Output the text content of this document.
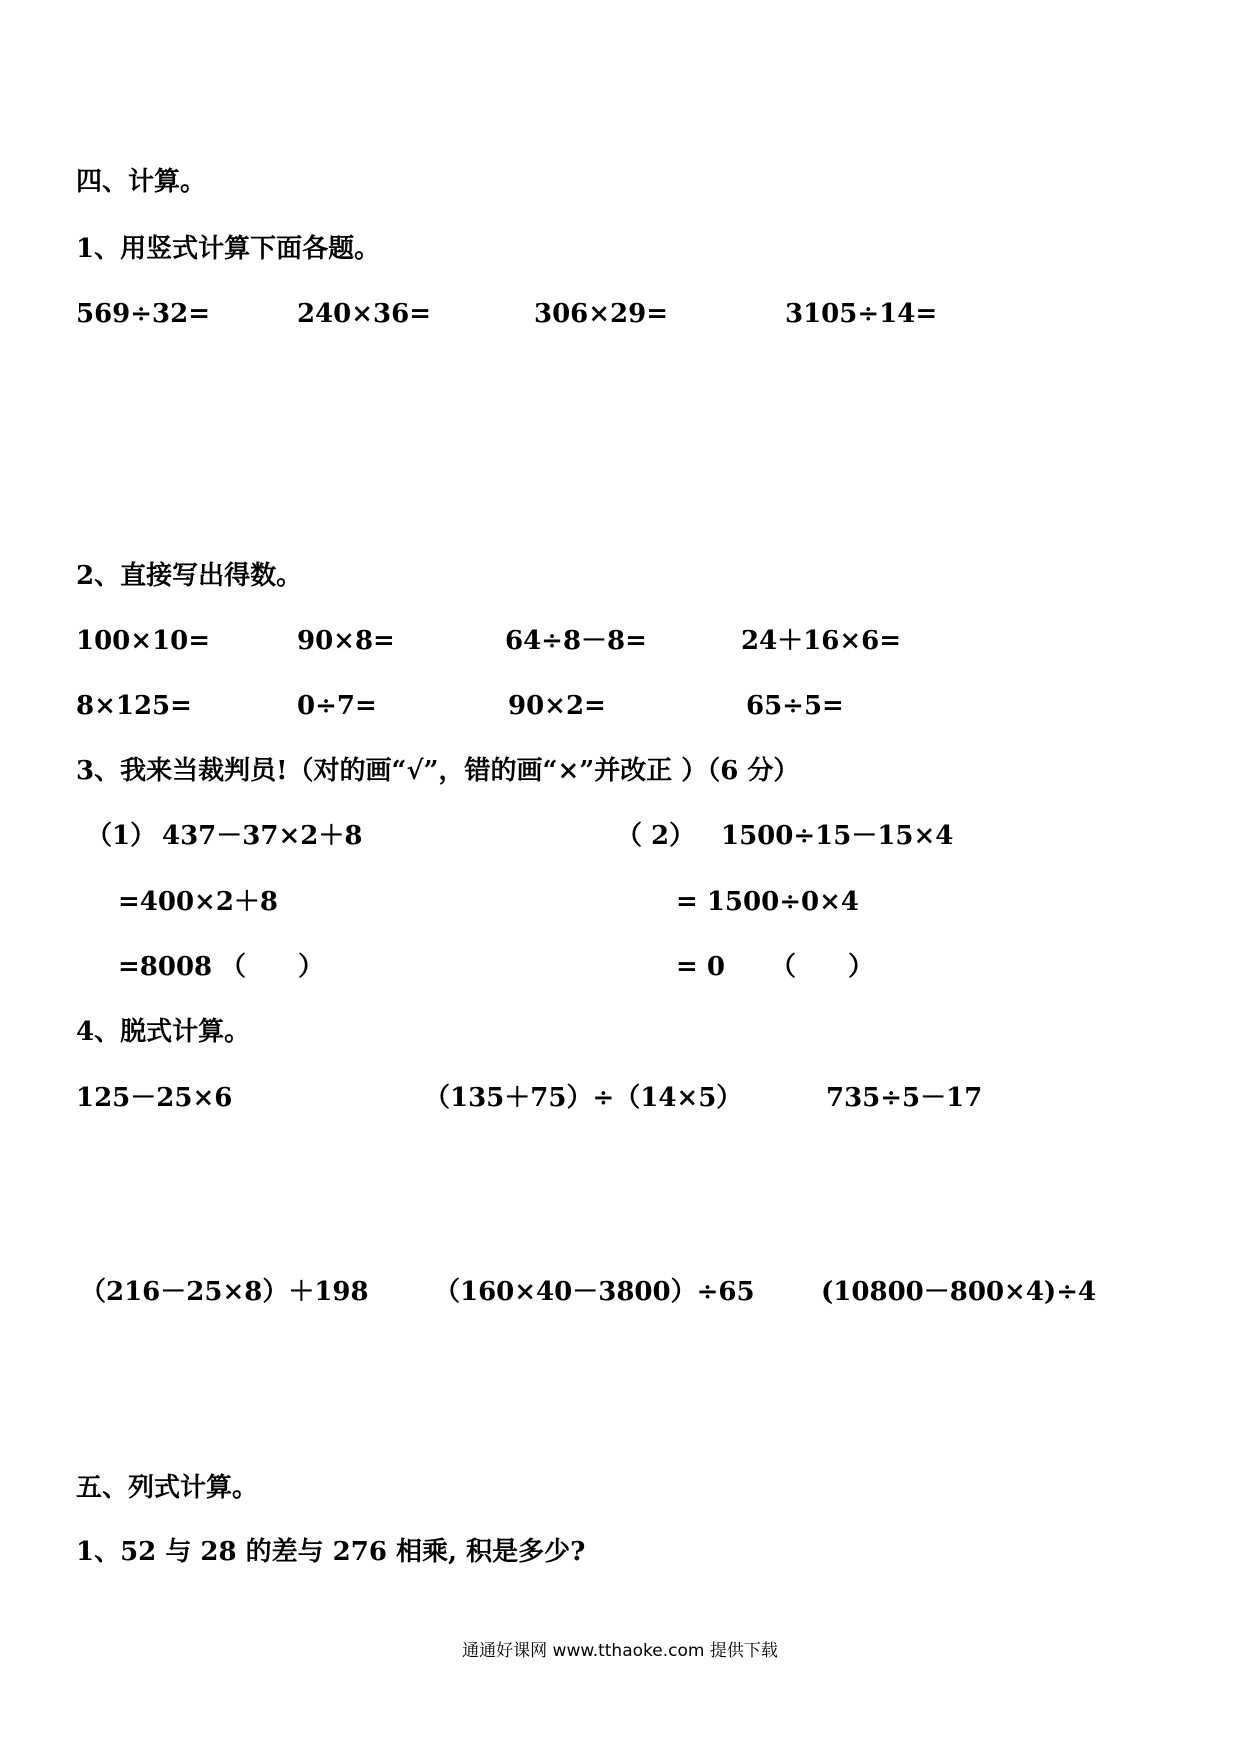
四、计算。
1、用竖式计算下面各题。
569÷32=	240×36=	306×29=	3105÷14=
2、直接写出得数。
100×10=	90×8=	64÷8－8=	24＋16×6=
8×125=	0÷7=	90×2=	65÷5=
3、我来当裁判员!（对的画“√”，错的画“×”并改正 ）（6 分）
（1） 437－37×2＋8
=400×2＋8
=8008 （　　）
（ 2） 1500÷15－15×4
= 1500÷0×4
= 0 （　　）
4、脱式计算。
125－25×6	（135＋75）÷（14×5）	735÷5－17
（216－25×8）＋198	（160×40－3800）÷65	(10800－800×4)÷4
五、列式计算。
1、52 与 28 的差与 276 相乘, 积是多少?
通通好课网 www.tthaoke.com 提供下载
